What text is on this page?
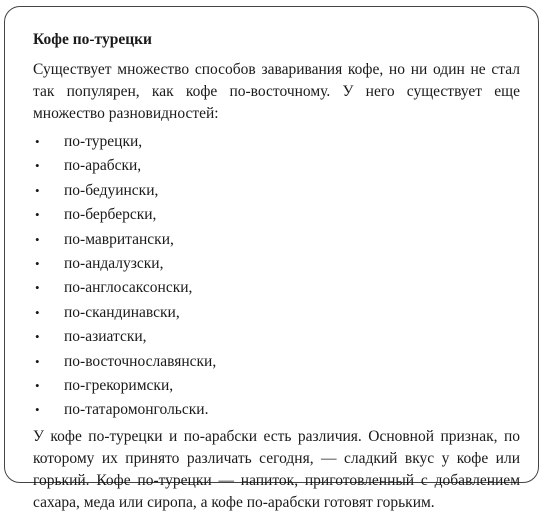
Кофе по-турецки

Существует множество способов заваривания кофе, но ни один не стал так популярен, как кофе по-восточному. У него существует еще множество разновидностей:

• по-турецки,
• по-арабски,
• по-бедуински,
• по-берберски,
• по-мавритански,
• по-андалузски,
• по-англосаксонски,
• по-скандинавски,
• по-азиатски,
• по-восточнославянски,
• по-грекоримски,
• по-татаромонгольски.

У кофе по-турецки и по-арабски есть различия. Основной признак, по которому их принято различать сегодня, — сладкий вкус у кофе или горький. Кофе по-турецки — напиток, приготовленный с добавлением сахара, меда или сиропа, а кофе по-арабски готовят горьким.
